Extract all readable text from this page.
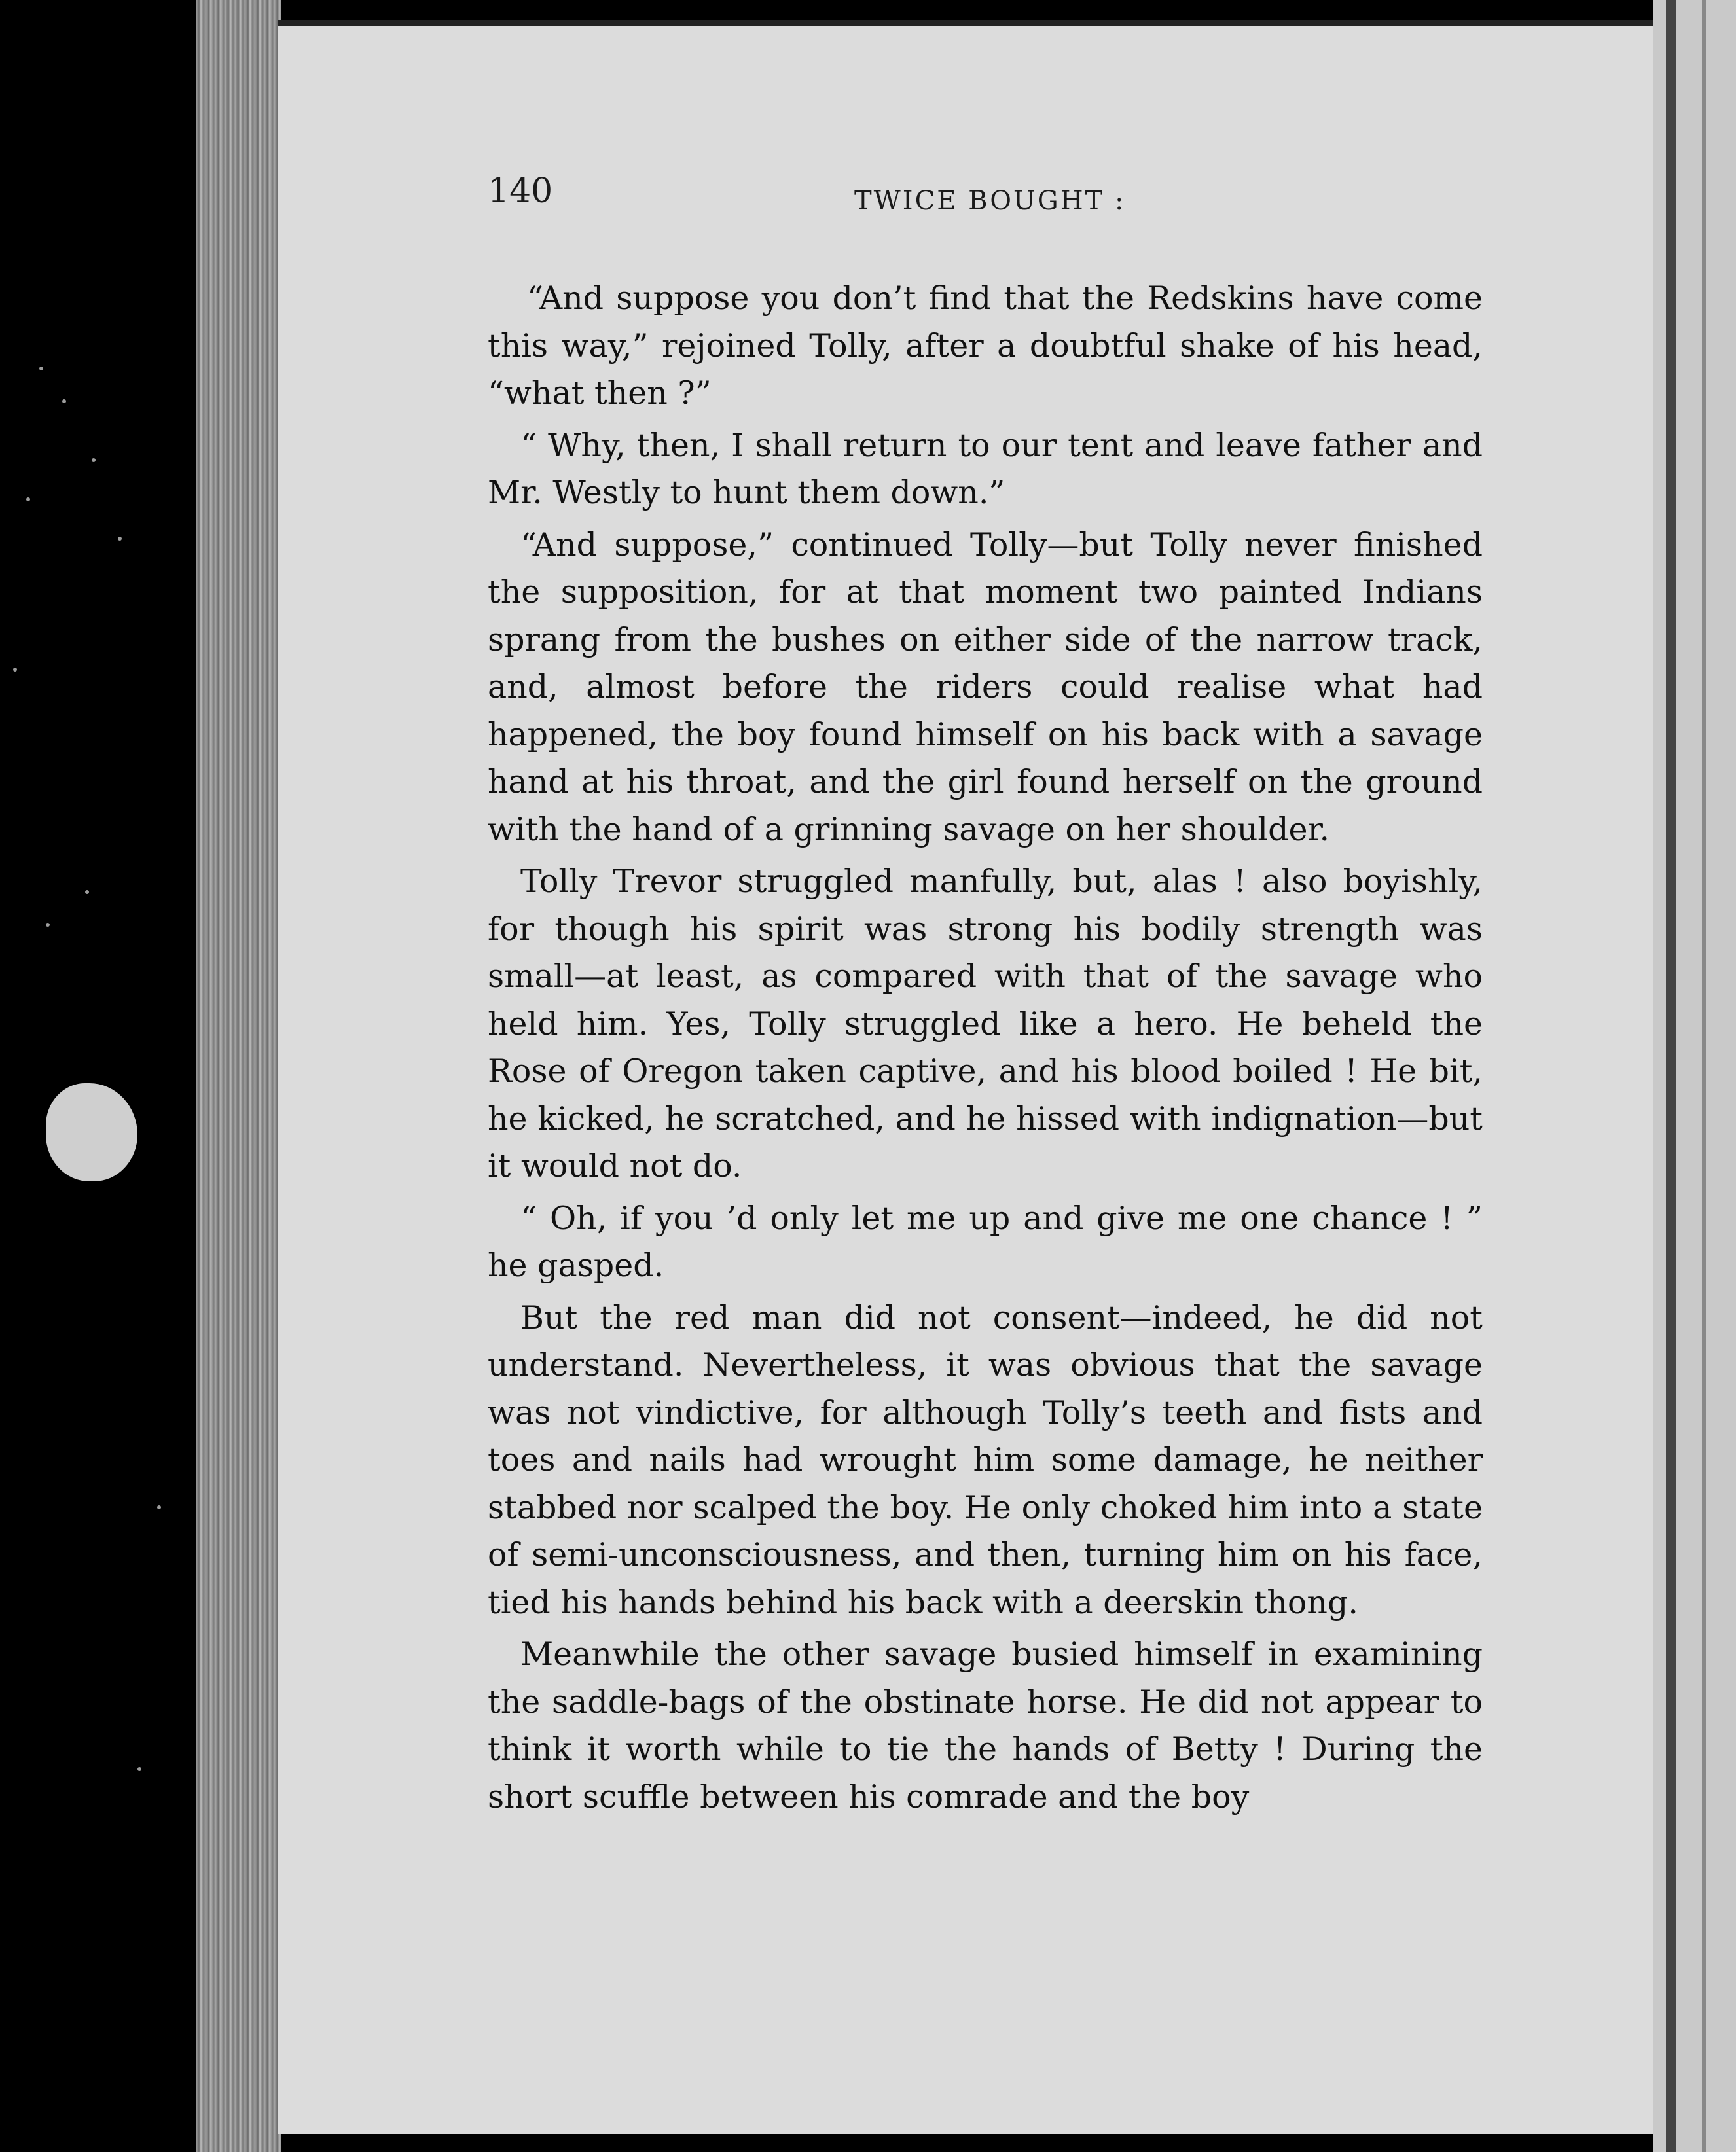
140	TWICE BOUGHT :

“And suppose you don’t find that the Redskins have come this way,” rejoined Tolly, after a doubtful shake of his head, “what then ?”

“ Why, then, I shall return to our tent and leave father and Mr. Westly to hunt them down.”

“And suppose,” continued Tolly—but Tolly never finished the supposition, for at that moment two painted Indians sprang from the bushes on either side of the narrow track, and, almost before the riders could realise what had happened, the boy found himself on his back with a savage hand at his throat, and the girl found herself on the ground with the hand of a grinning savage on her shoulder.

Tolly Trevor struggled manfully, but, alas ! also boyishly, for though his spirit was strong his bodily strength was small—at least, as compared with that of the savage who held him. Yes, Tolly struggled like a hero. He beheld the Rose of Oregon taken captive, and his blood boiled ! He bit, he kicked, he scratched, and he hissed with indignation—but it would not do.

“ Oh, if you ’d only let me up and give me one chance ! ” he gasped.

But the red man did not consent—indeed, he did not understand. Nevertheless, it was obvious that the savage was not vindictive, for although Tolly’s teeth and fists and toes and nails had wrought him some damage, he neither stabbed nor scalped the boy. He only choked him into a state of semi-unconsciousness, and then, turning him on his face, tied his hands behind his back with a deerskin thong.

Meanwhile the other savage busied himself in examining the saddle-bags of the obstinate horse. He did not appear to think it worth while to tie the hands of Betty ! During the short scuffle between his comrade and the boy
